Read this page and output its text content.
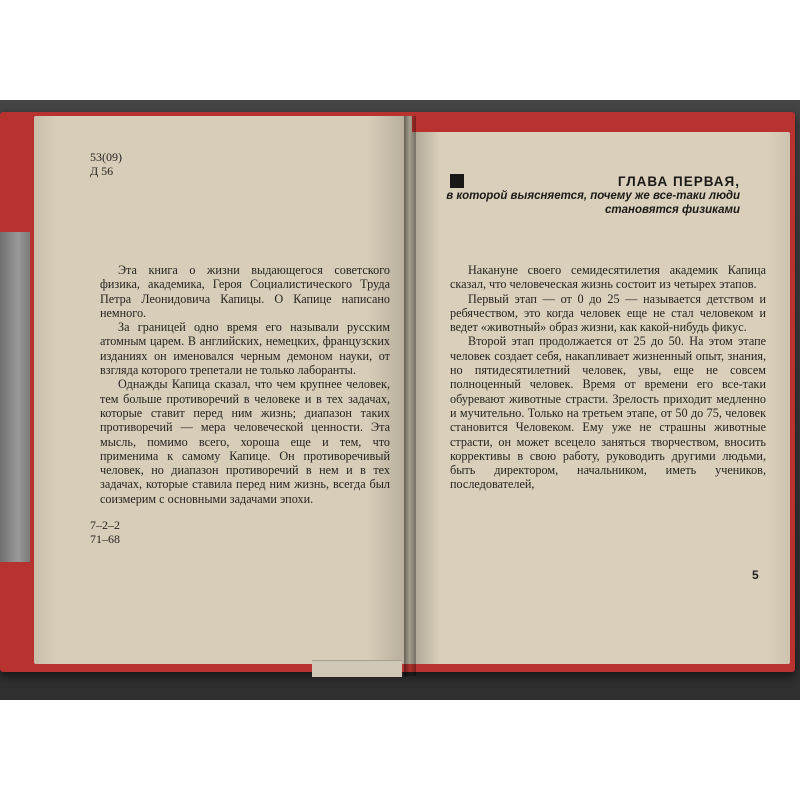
53(09)
Д 56

Эта книга о жизни выдающегося советского физика, академика, Героя Социалистического Труда Петра Леонидовича Капицы. О Капице написано немного.

За границей одно время его называли русским атомным царем. В английских, немецких, французских изданиях он именовался черным демоном науки, от взгляда которого трепетали не только лаборанты.

Однажды Капица сказал, что чем крупнее человек, тем больше противоречий в человеке и в тех задачах, которые ставит перед ним жизнь; диапазон таких противоречий — мера человеческой ценности. Эта мысль, помимо всего, хороша еще и тем, что применима к самому Капице. Он противоречивый человек, но диапазон противоречий в нем и в тех задачах, которые ставила перед ним жизнь, всегда был соизмерим с основными задачами эпохи.

7–2–2
71–68
ГЛАВА ПЕРВАЯ,
в которой выясняется, почему же все-таки люди становятся физиками

Накануне своего семидесятилетия академик Капица сказал, что человеческая жизнь состоит из четырех этапов.

Первый этап — от 0 до 25 — называется детством и ребячеством, это когда человек еще не стал человеком и ведет «животный» образ жизни, как какой-нибудь фикус.

Второй этап продолжается от 25 до 50. На этом этапе человек создает себя, накапливает жизненный опыт, знания, но пятидесятилетний человек, увы, еще не совсем полноценный человек. Время от времени его все-таки обуревают животные страсти. Зрелость приходит медленно и мучительно. Только на третьем этапе, от 50 до 75, человек становится Человеком. Ему уже не страшны животные страсти, он может всецело заняться творчеством, вносить коррективы в свою работу, руководить другими людьми, быть директором, начальником, иметь учеников, последователей,

5
